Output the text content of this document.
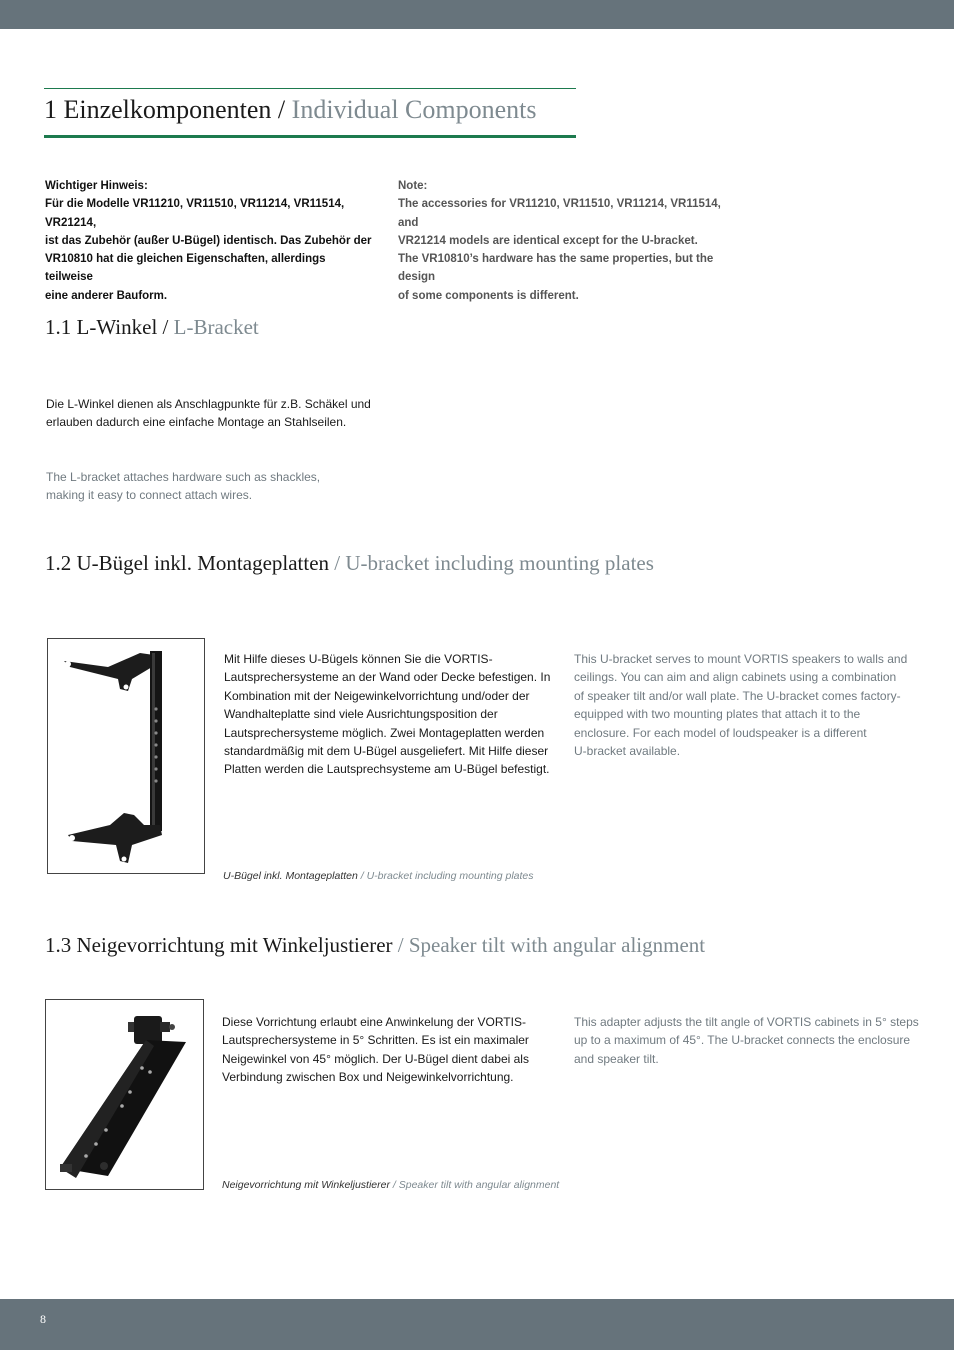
1 Einzelkomponenten / Individual Components
Wichtiger Hinweis:
Für die Modelle VR11210, VR11510, VR11214, VR11514, VR21214,
ist das Zubehör (außer U-Bügel) identisch. Das Zubehör der
VR10810 hat die gleichen Eigenschaften, allerdings teilweise
eine anderer Bauform.
Note:
The accessories for VR11210, VR11510, VR11214, VR11514, and
VR21214 models are identical except for the U-bracket.
The VR10810’s hardware has the same properties, but the design
of some components is different.
1.1 L-Winkel / L-Bracket
Die L-Winkel dienen als Anschlagpunkte für z.B. Schäkel und
erlauben dadurch eine einfache Montage an Stahlseilen.
The L-bracket attaches hardware such as shackles,
making it easy to connect attach wires.
1.2 U-Bügel inkl. Montageplatten / U-bracket including mounting plates
Mit Hilfe dieses U-Bügels können Sie die VORTIS-
Lautsprechersysteme an der Wand oder Decke befestigen. In
Kombination mit der Neigewinkelvorrichtung und/oder der
Wandhalteplatte sind viele Ausrichtungsposition der
Lautsprechersysteme möglich. Zwei Montageplatten werden
standardmäßig mit dem U-Bügel ausgeliefert. Mit Hilfe dieser
Platten werden die Lautsprechsysteme am U-Bügel befestigt.
This U-bracket serves to mount VORTIS speakers to walls and
ceilings. You can aim and align cabinets using a combination
of speaker tilt and/or wall plate. The U-bracket comes factory-
equipped with two mounting plates that attach it to the
enclosure. For each model of loudspeaker is a different
U-bracket available.
U-Bügel inkl. Montageplatten / U-bracket including mounting plates
1.3 Neigevorrichtung mit Winkeljustierer / Speaker tilt with angular alignment
Diese Vorrichtung erlaubt eine Anwinkelung der VORTIS-
Lautsprechersysteme in 5° Schritten. Es ist ein maximaler
Neigewinkel von 45° möglich. Der U-Bügel dient dabei als
Verbindung zwischen Box und Neigewinkelvorrichtung.
This adapter adjusts the tilt angle of VORTIS cabinets in 5° steps
up to a maximum of 45°. The U-bracket connects the enclosure
and speaker tilt.
Neigevorrichtung mit Winkeljustierer / Speaker tilt with angular alignment
8
